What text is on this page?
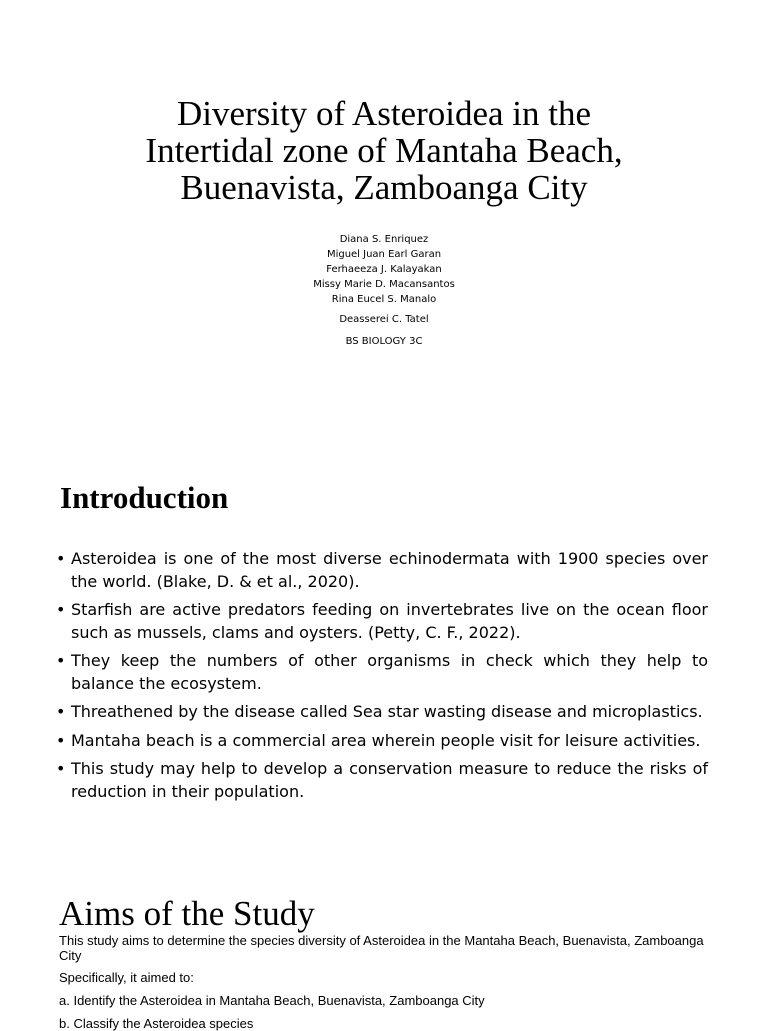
Diversity of Asteroidea in the
Intertidal zone of Mantaha Beach,
Buenavista, Zamboanga City
Diana S. Enriquez
Miguel Juan Earl Garan
Ferhaeeza J. Kalayakan
Missy Marie D. Macansantos
Rina Eucel S. Manalo
Deasserei C. Tatel
BS BIOLOGY 3C
Introduction
• Asteroidea is one of the most diverse echinodermata with 1900 species over the world. (Blake, D. & et al., 2020).
• Starfish are active predators feeding on invertebrates live on the ocean floor such as mussels, clams and oysters. (Petty, C. F., 2022).
• They keep the numbers of other organisms in check which they help to balance the ecosystem.
• Threathened by the disease called Sea star wasting disease and microplastics.
• Mantaha beach is a commercial area wherein people visit for leisure activities.
• This study may help to develop a conservation measure to reduce the risks of reduction in their population.
Aims of the Study

This study aims to determine the species diversity of Asteroidea in the Mantaha Beach, Buenavista, Zamboanga City

Specifically, it aimed to:

a. Identify the Asteroidea in Mantaha Beach, Buenavista, Zamboanga City

b. Classify the Asteroidea species
